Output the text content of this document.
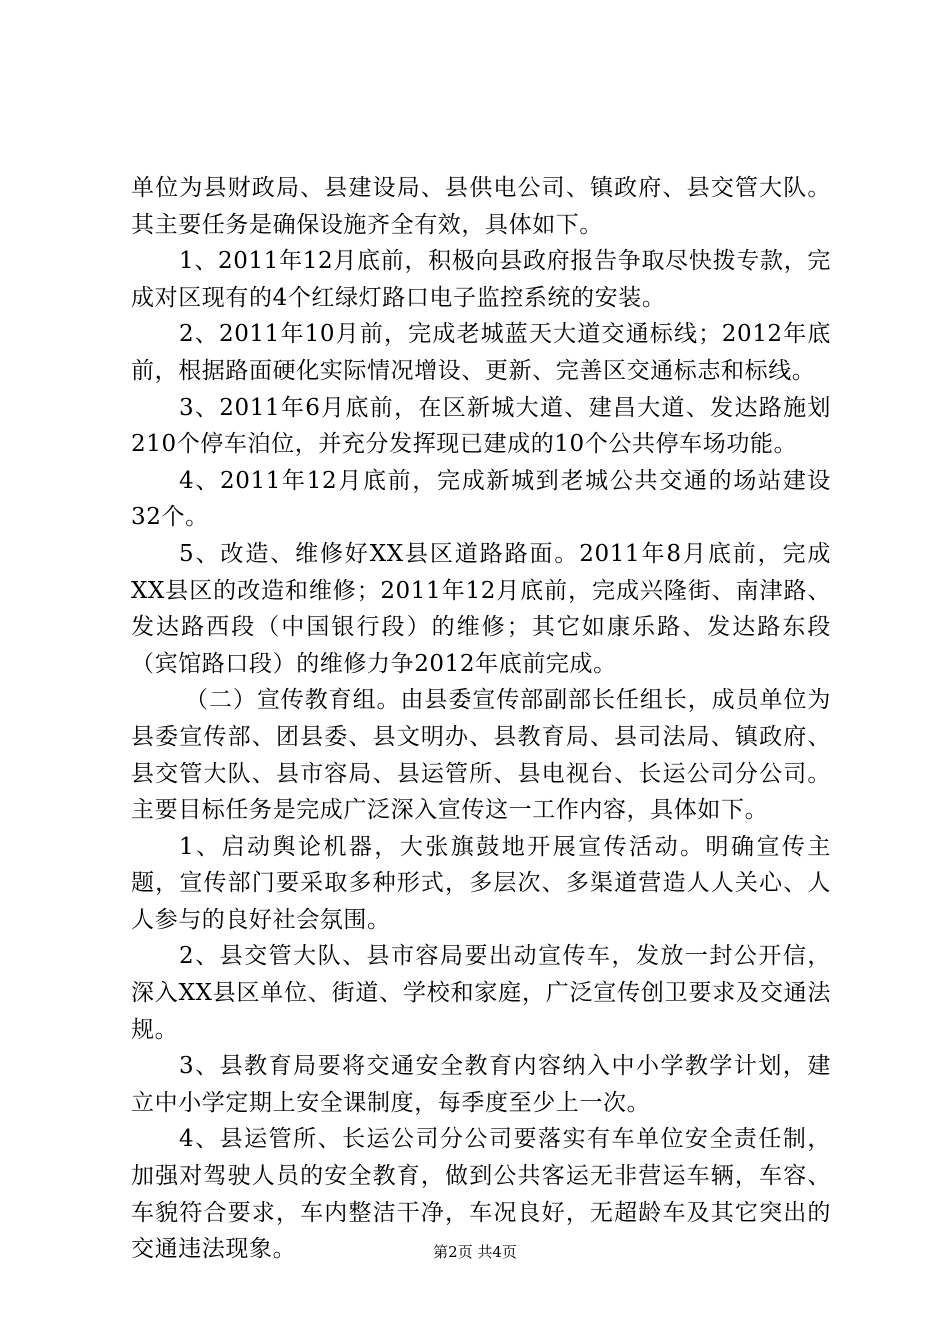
单位为县财政局、县建设局、县供电公司、镇政府、县交管大队。其主要任务是确保设施齐全有效，具体如下。

1、2011年12月底前，积极向县政府报告争取尽快拨专款，完成对区现有的4个红绿灯路口电子监控系统的安装。

2、2011年10月前，完成老城蓝天大道交通标线；2012年底前，根据路面硬化实际情况增设、更新、完善区交通标志和标线。

3、2011年6月底前，在区新城大道、建昌大道、发达路施划210个停车泊位，并充分发挥现已建成的10个公共停车场功能。

4、2011年12月底前，完成新城到老城公共交通的场站建设32个。

5、改造、维修好XX县区道路路面。2011年8月底前，完成XX县区的改造和维修；2011年12月底前，完成兴隆街、南津路、发达路西段（中国银行段）的维修；其它如康乐路、发达路东段（宾馆路口段）的维修力争2012年底前完成。

（二）宣传教育组。由县委宣传部副部长任组长，成员单位为县委宣传部、团县委、县文明办、县教育局、县司法局、镇政府、县交管大队、县市容局、县运管所、县电视台、长运公司分公司。主要目标任务是完成广泛深入宣传这一工作内容，具体如下。

1、启动舆论机器，大张旗鼓地开展宣传活动。明确宣传主题，宣传部门要采取多种形式，多层次、多渠道营造人人关心、人人参与的良好社会氛围。

2、县交管大队、县市容局要出动宣传车，发放一封公开信，深入XX县区单位、街道、学校和家庭，广泛宣传创卫要求及交通法规。

3、县教育局要将交通安全教育内容纳入中小学教学计划，建立中小学定期上安全课制度，每季度至少上一次。

4、县运管所、长运公司分公司要落实有车单位安全责任制，加强对驾驶人员的安全教育，做到公共客运无非营运车辆，车容、车貌符合要求，车内整洁干净，车况良好，无超龄车及其它突出的交通违法现象。	第2页 共4页
